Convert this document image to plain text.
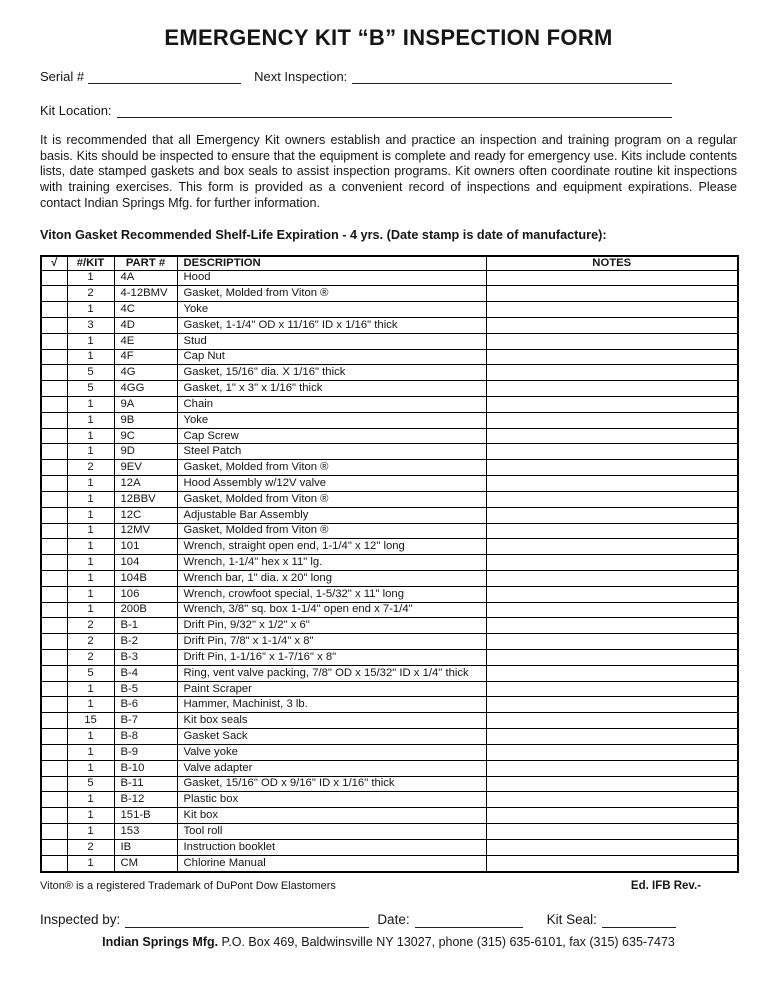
EMERGENCY KIT “B” INSPECTION FORM
Serial #	Next Inspection:
Kit Location:

It is recommended that all Emergency Kit owners establish and practice an inspection and training program on a regular basis. Kits should be inspected to ensure that the equipment is complete and ready for emergency use. Kits include contents lists, date stamped gaskets and box seals to assist inspection programs. Kit owners often coordinate routine kit inspections with training exercises. This form is provided as a convenient record of inspections and equipment expirations. Please contact Indian Springs Mfg. for further information.

Viton Gasket Recommended Shelf-Life Expiration - 4 yrs. (Date stamp is date of manufacture):

√	#/KIT	PART #	DESCRIPTION	NOTES
	1	4A	Hood	
	2	4-12BMV	Gasket, Molded from Viton ®	
	1	4C	Yoke	
	3	4D	Gasket, 1-1/4" OD x 11/16" ID x 1/16" thick	
	1	4E	Stud	
	1	4F	Cap Nut	
	5	4G	Gasket, 15/16" dia. X 1/16" thick	
	5	4GG	Gasket, 1" x 3" x 1/16" thick	
	1	9A	Chain	
	1	9B	Yoke	
	1	9C	Cap Screw	
	1	9D	Steel Patch	
	2	9EV	Gasket, Molded from Viton ®	
	1	12A	Hood Assembly w/12V valve	
	1	12BBV	Gasket, Molded from Viton ®	
	1	12C	Adjustable Bar Assembly	
	1	12MV	Gasket, Molded from Viton ®	
	1	101	Wrench, straight open end, 1-1/4" x 12" long	
	1	104	Wrench, 1-1/4" hex x 11" lg.	
	1	104B	Wrench bar, 1" dia. x 20" long	
	1	106	Wrench, crowfoot special, 1-5/32" x 11" long	
	1	200B	Wrench, 3/8" sq. box 1-1/4" open end x 7-1/4"	
	2	B-1	Drift Pin, 9/32" x 1/2" x 6"	
	2	B-2	Drift Pin, 7/8" x 1-1/4" x 8"	
	2	B-3	Drift Pin, 1-1/16" x 1-7/16" x 8"	
	5	B-4	Ring, vent valve packing, 7/8" OD x 15/32" ID x 1/4" thick	
	1	B-5	Paint Scraper	
	1	B-6	Hammer, Machinist, 3 lb.	
	15	B-7	Kit box seals	
	1	B-8	Gasket Sack	
	1	B-9	Valve yoke	
	1	B-10	Valve adapter	
	5	B-11	Gasket, 15/16" OD x 9/16" ID x 1/16" thick	
	1	B-12	Plastic box	
	1	151-B	Kit box	
	1	153	Tool roll	
	2	IB	Instruction booklet	
	1	CM	Chlorine Manual	
Viton® is a registered Trademark of DuPont Dow Elastomers	Ed. IFB Rev.-
Inspected by:	Date:	Kit Seal:
Indian Springs Mfg. P.O. Box 469, Baldwinsville NY 13027, phone (315) 635-6101, fax (315) 635-7473
